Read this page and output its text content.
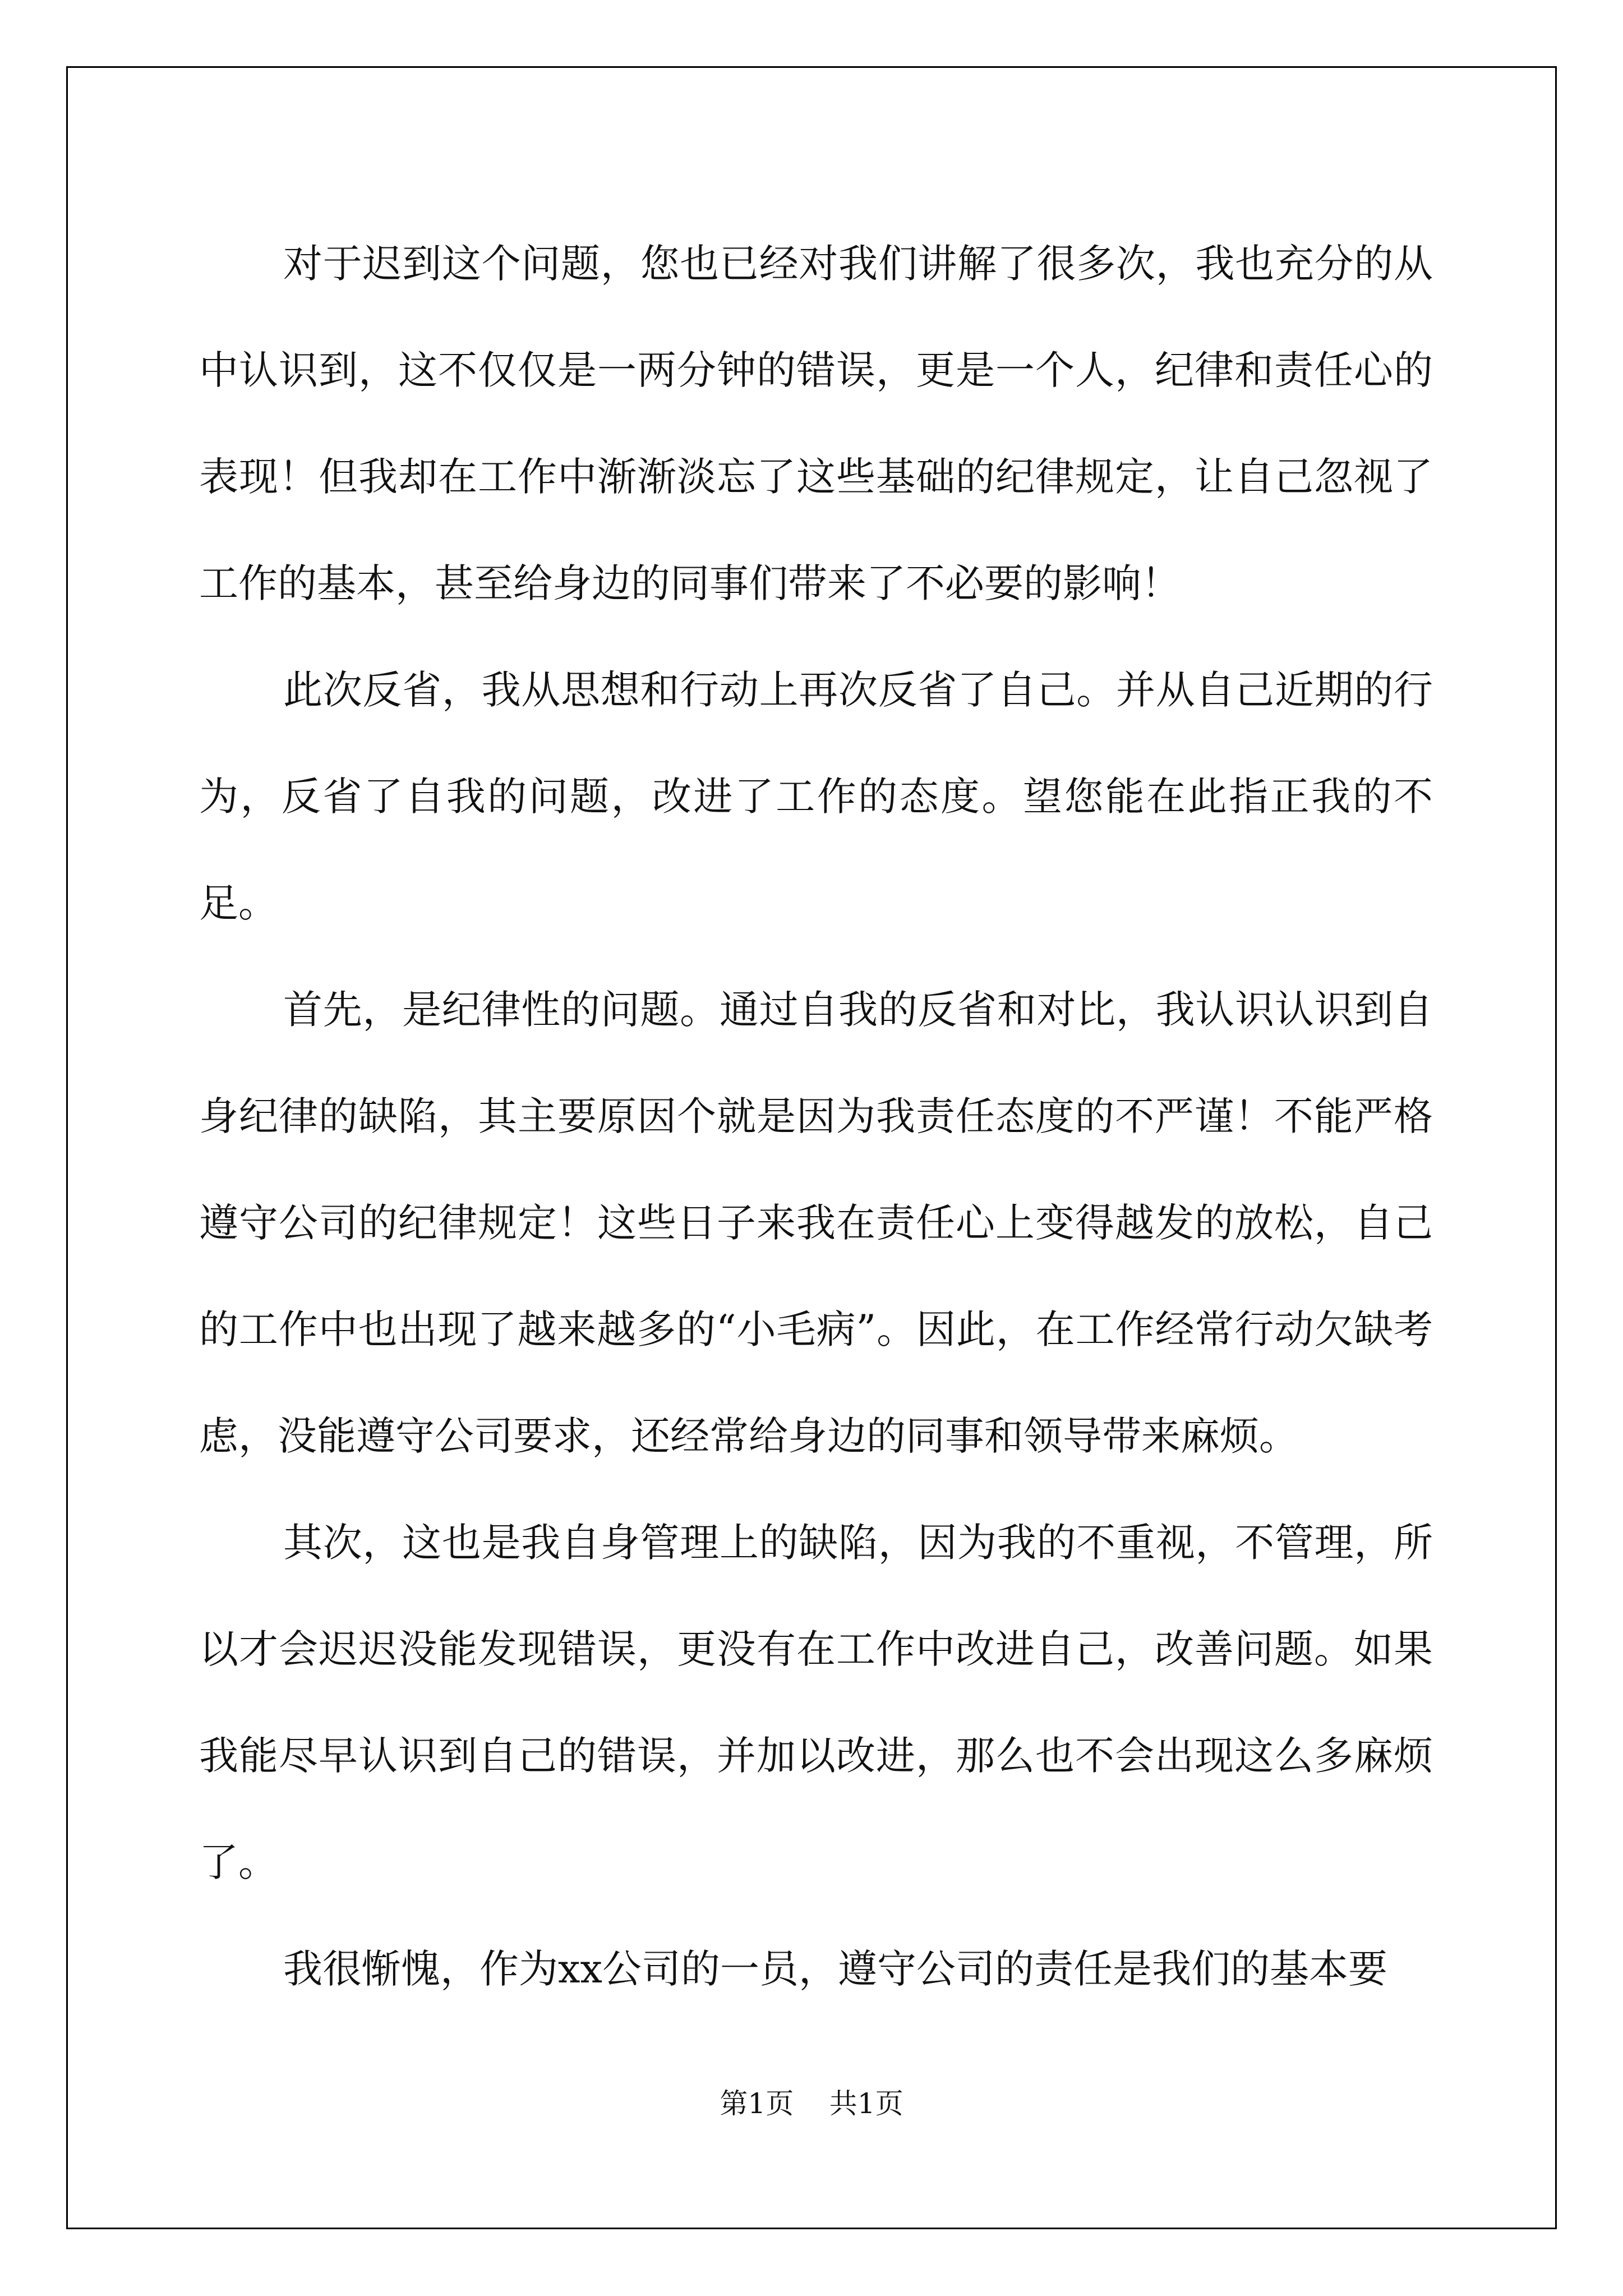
对于迟到这个问题，您也已经对我们讲解了很多次，我也充分的从中认识到，这不仅仅是一两分钟的错误，更是一个人，纪律和责任心的表现！但我却在工作中渐渐淡忘了这些基础的纪律规定，让自己忽视了工作的基本，甚至给身边的同事们带来了不必要的影响！

此次反省，我从思想和行动上再次反省了自己。并从自己近期的行为，反省了自我的问题，改进了工作的态度。望您能在此指正我的不足。

首先，是纪律性的问题。通过自我的反省和对比，我认识认识到自身纪律的缺陷，其主要原因个就是因为我责任态度的不严谨！不能严格遵守公司的纪律规定！这些日子来我在责任心上变得越发的放松，自己的工作中也出现了越来越多的“小毛病”。因此，在工作经常行动欠缺考虑，没能遵守公司要求，还经常给身边的同事和领导带来麻烦。

其次，这也是我自身管理上的缺陷，因为我的不重视，不管理，所以才会迟迟没能发现错误，更没有在工作中改进自己，改善问题。如果我能尽早认识到自己的错误，并加以改进，那么也不会出现这么多麻烦了。

我很惭愧，作为xx公司的一员，遵守公司的责任是我们的基本要

第1页    共1页
